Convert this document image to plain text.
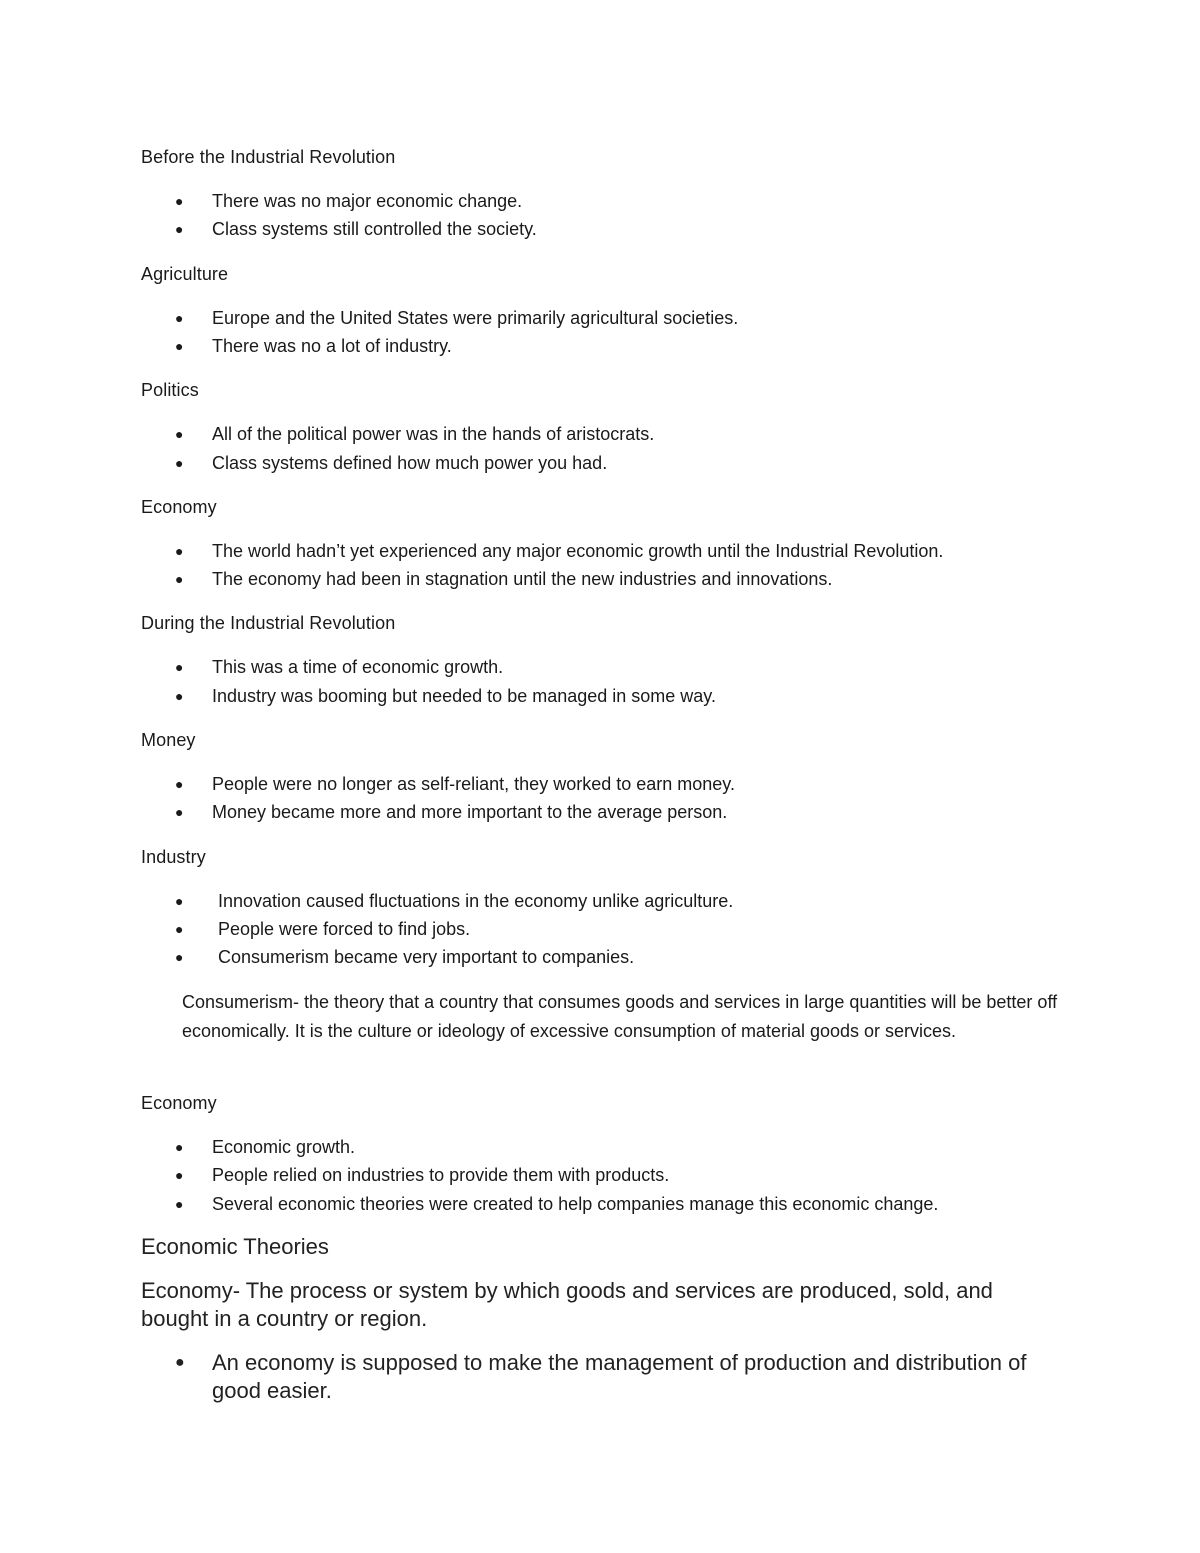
Before the Industrial Revolution
● There was no major economic change.
● Class systems still controlled the society.
Agriculture
● Europe and the United States were primarily agricultural societies.
● There was no a lot of industry.
Politics
● All of the political power was in the hands of aristocrats.
● Class systems defined how much power you had.
Economy
● The world hadn’t yet experienced any major economic growth until the Industrial Revolution.
● The economy had been in stagnation until the new industries and innovations.
During the Industrial Revolution
● This was a time of economic growth.
● Industry was booming but needed to be managed in some way.
Money
● People were no longer as self-reliant, they worked to earn money.
● Money became more and more important to the average person.
Industry
● Innovation caused fluctuations in the economy unlike agriculture.
● People were forced to find jobs.
● Consumerism became very important to companies.

Consumerism- the theory that a country that consumes goods and services in large quantities will be better off economically. It is the culture or ideology of excessive consumption of material goods or services.

Economy
● Economic growth.
● People relied on industries to provide them with products.
● Several economic theories were created to help companies manage this economic change.
Economic Theories

Economy- The process or system by which goods and services are produced, sold, and bought in a country or region.

● An economy is supposed to make the management of production and distribution of good easier.
